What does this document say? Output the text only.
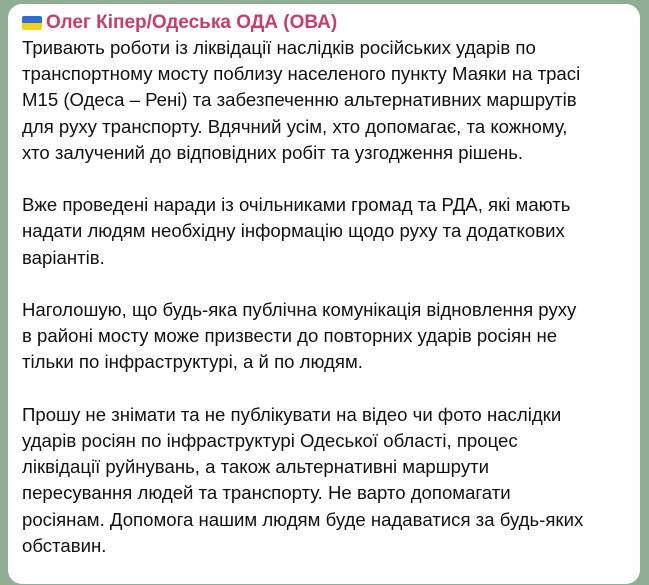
Олег Кіпер/Одеська ОДА (ОВА)

Тривають роботи із ліквідації наслідків російських ударів по
транспортному мосту поблизу населеного пункту Маяки на трасі
М15 (Одеса – Рені) та забезпеченню альтернативних маршрутів
для руху транспорту. Вдячний усім, хто допомагає, та кожному,
хто залучений до відповідних робіт та узгодження рішень.

Вже проведені наради із очільниками громад та РДА, які мають
надати людям необхідну інформацію щодо руху та додаткових
варіантів.

Наголошую, що будь-яка публічна комунікація відновлення руху
в районі мосту може призвести до повторних ударів росіян не
тільки по інфраструктурі, а й по людям.

Прошу не знімати та не публікувати на відео чи фото наслідки
ударів росіян по інфраструктурі Одеської області, процес
ліквідації руйнувань, а також альтернативні маршрути
пересування людей та транспорту. Не варто допомагати
росіянам. Допомога нашим людям буде надаватися за будь-яких
обставин.
